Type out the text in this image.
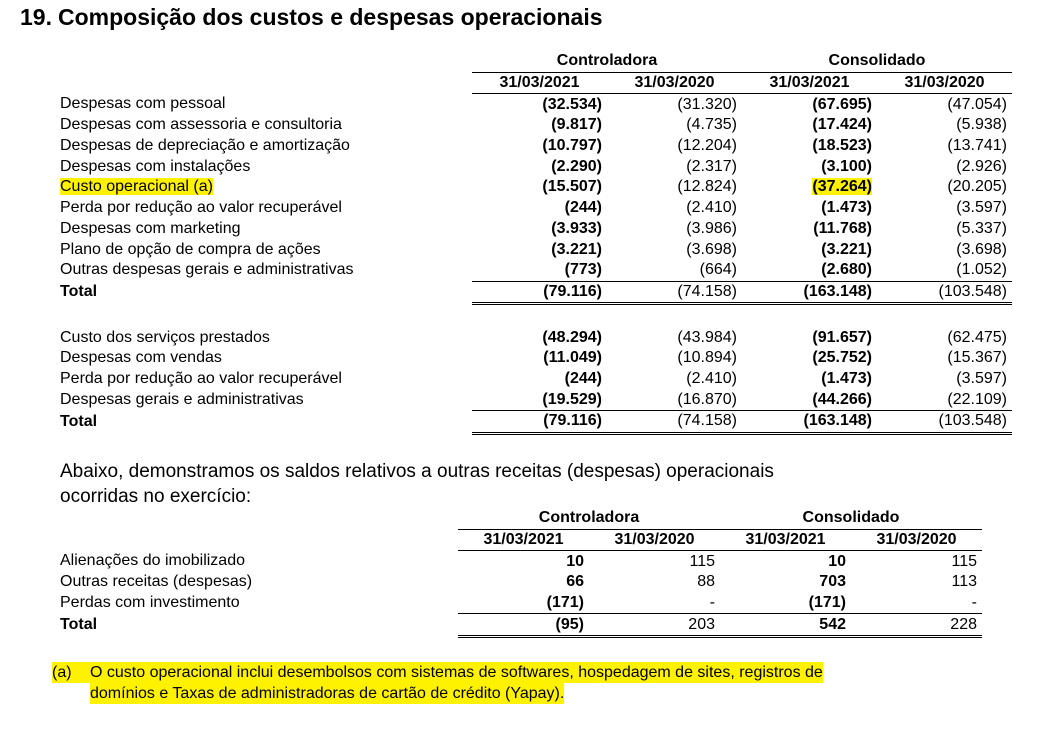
19. Composição dos custos e despesas operacionais
	Controladora		Consolidado	
	31/03/2021	31/03/2020	31/03/2021	31/03/2020
Despesas com pessoal	(32.534)	(31.320)	(67.695)	(47.054)
Despesas com assessoria e consultoria	(9.817)	(4.735)	(17.424)	(5.938)
Despesas de depreciação e amortização	(10.797)	(12.204)	(18.523)	(13.741)
Despesas com instalações	(2.290)	(2.317)	(3.100)	(2.926)
Custo operacional (a)	(15.507)	(12.824)	(37.264)	(20.205)
Perda por redução ao valor recuperável	(244)	(2.410)	(1.473)	(3.597)
Despesas com marketing	(3.933)	(3.986)	(11.768)	(5.337)
Plano de opção de compra de ações	(3.221)	(3.698)	(3.221)	(3.698)
Outras despesas gerais e administrativas	(773)	(664)	(2.680)	(1.052)
Total	(79.116)	(74.158)	(163.148)	(103.548)

Custo dos serviços prestados	(48.294)	(43.984)	(91.657)	(62.475)
Despesas com vendas	(11.049)	(10.894)	(25.752)	(15.367)
Perda por redução ao valor recuperável	(244)	(2.410)	(1.473)	(3.597)
Despesas gerais e administrativas	(19.529)	(16.870)	(44.266)	(22.109)
Total	(79.116)	(74.158)	(163.148)	(103.548)
Abaixo, demonstramos os saldos relativos a outras receitas (despesas) operacionais
ocorridas no exercício:
	Controladora		Consolidado	
	31/03/2021	31/03/2020	31/03/2021	31/03/2020
Alienações do imobilizado	10	115	10	115
Outras receitas (despesas)	66	88	703	113
Perdas com investimento	(171)	-	(171)	-
Total	(95)	203	542	228
(a)	O custo operacional inclui desembolsos com sistemas de softwares, hospedagem de sites, registros de
domínios e Taxas de administradoras de cartão de crédito (Yapay).
